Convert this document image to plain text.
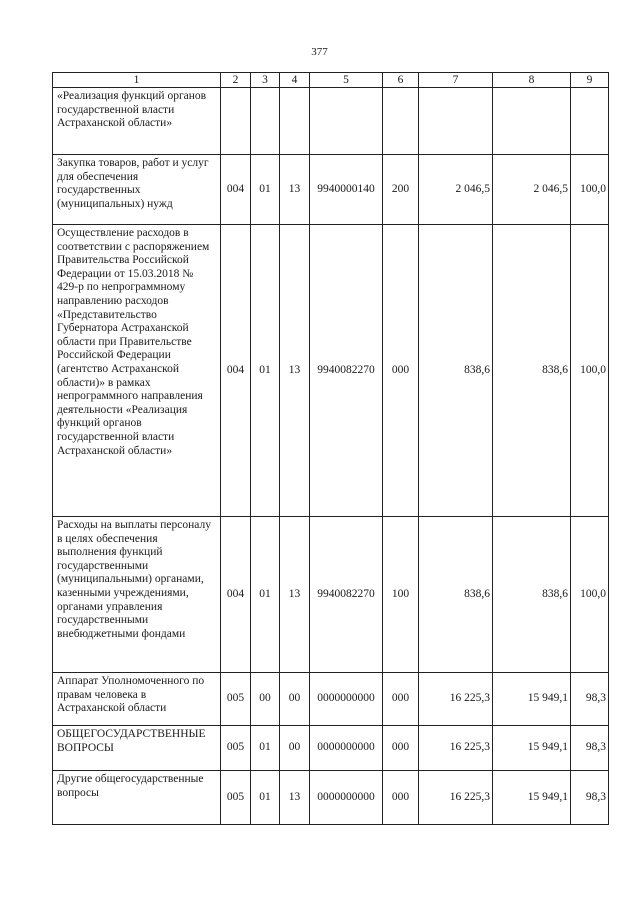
377
1	2	3	4	5	6	7	8	9
«Реализация функций органов государственной власти Астраханской области»								
Закупка товаров, работ и услуг для обеспечения государственных (муниципальных) нужд	004	01	13	9940000140	200	2 046,5	2 046,5	100,0
Осуществление расходов в соответствии с распоряжением Правительства Российской Федерации от 15.03.2018 № 429-р по непрограммному направлению расходов «Представительство Губернатора Астраханской области при Правительстве Российской Федерации (агентство Астраханской области)» в рамках непрограммного направления деятельности «Реализация функций органов государственной власти Астраханской области»	004	01	13	9940082270	000	838,6	838,6	100,0
Расходы на выплаты персоналу в целях обеспечения выполнения функций государственными (муниципальными) органами, казенными учреждениями, органами управления государственными внебюджетными фондами	004	01	13	9940082270	100	838,6	838,6	100,0
Аппарат Уполномоченного по правам человека в Астраханской области	005	00	00	0000000000	000	16 225,3	15 949,1	98,3
ОБЩЕГОСУДАРСТВЕННЫЕ ВОПРОСЫ	005	01	00	0000000000	000	16 225,3	15 949,1	98,3
Другие общегосударственные вопросы	005	01	13	0000000000	000	16 225,3	15 949,1	98,3
